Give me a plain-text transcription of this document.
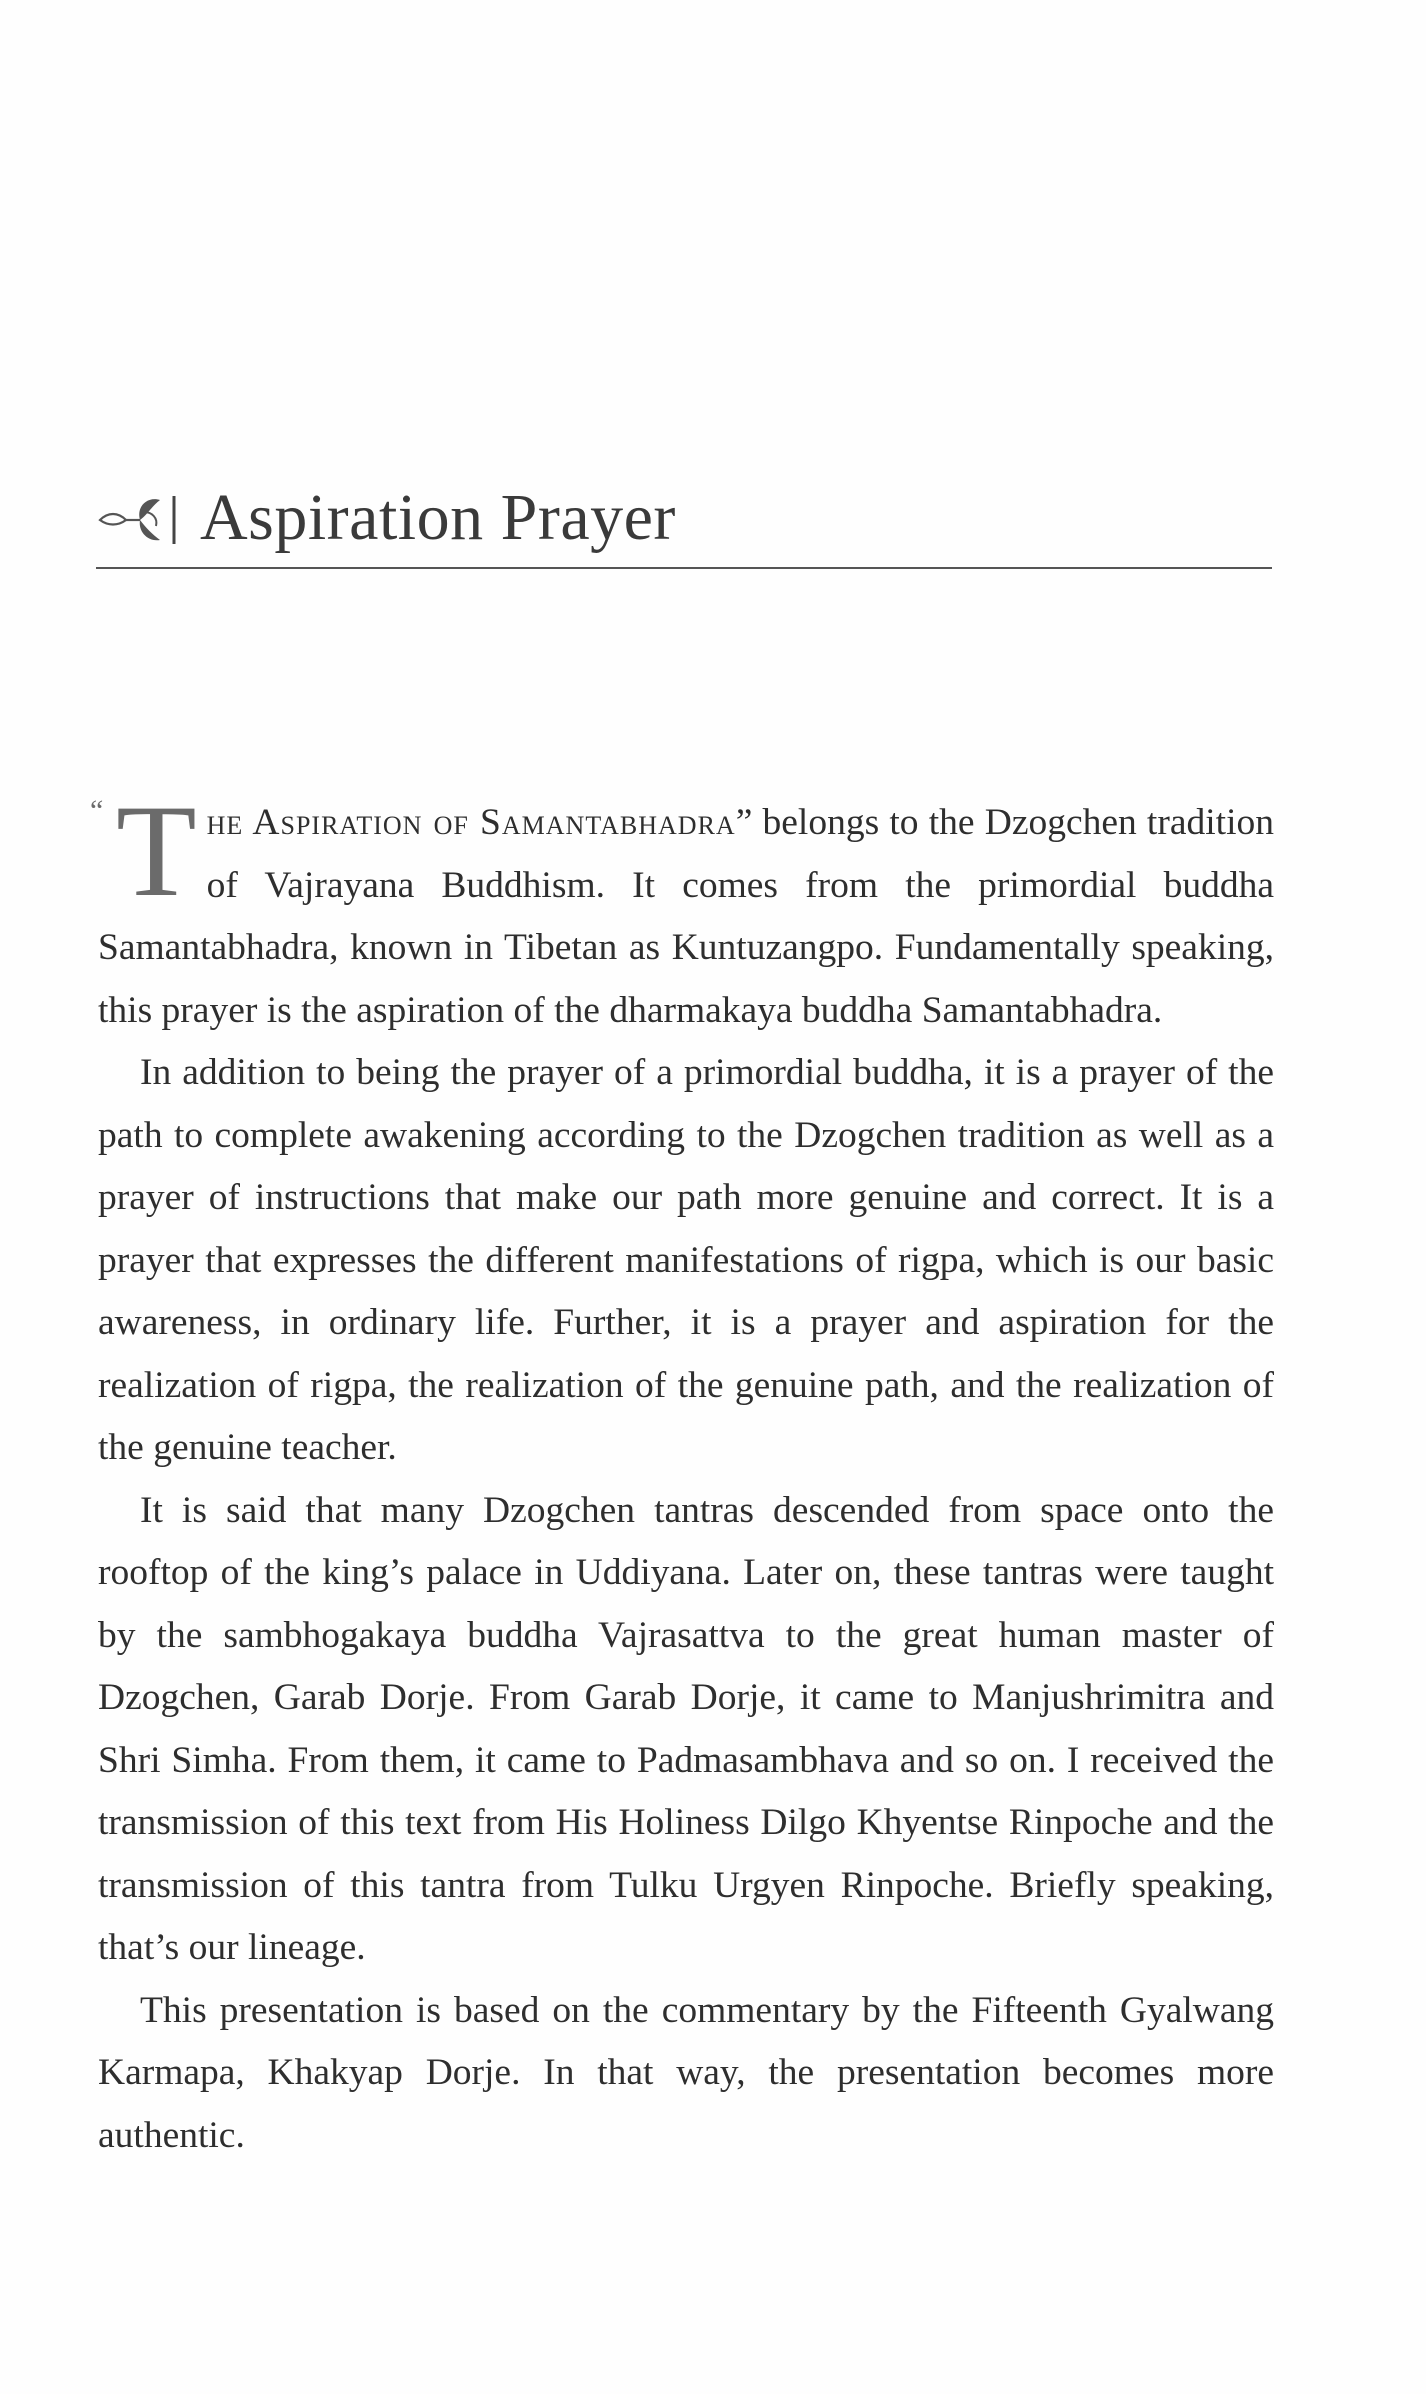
Aspiration Prayer

“ T he Aspiration of Samantabhadra” belongs to the Dzogchen tradition of Vajrayana Buddhism. It comes from the primordial buddha Samantabhadra, known in Tibetan as Kuntuzangpo. Fundamentally speaking, this prayer is the aspiration of the dharmakaya buddha Samantabhadra.

In addition to being the prayer of a primordial buddha, it is a prayer of the path to complete awakening according to the Dzogchen tradition as well as a prayer of instructions that make our path more genuine and correct. It is a prayer that expresses the different manifestations of rigpa, which is our basic awareness, in ordinary life. Further, it is a prayer and aspiration for the realization of rigpa, the realization of the genuine path, and the realization of the genuine teacher.

It is said that many Dzogchen tantras descended from space onto the rooftop of the king’s palace in Uddiyana. Later on, these tantras were taught by the sambhogakaya buddha Vajrasattva to the great human master of Dzogchen, Garab Dorje. From Garab Dorje, it came to Manjushrimitra and Shri Simha. From them, it came to Padmasambhava and so on. I received the transmission of this text from His Holiness Dilgo Khyentse Rinpoche and the transmission of this tantra from Tulku Urgyen Rinpoche. Briefly speaking, that’s our lineage.

This presentation is based on the commentary by the Fifteenth Gyalwang Karmapa, Khakyap Dorje. In that way, the presentation becomes more authentic.
